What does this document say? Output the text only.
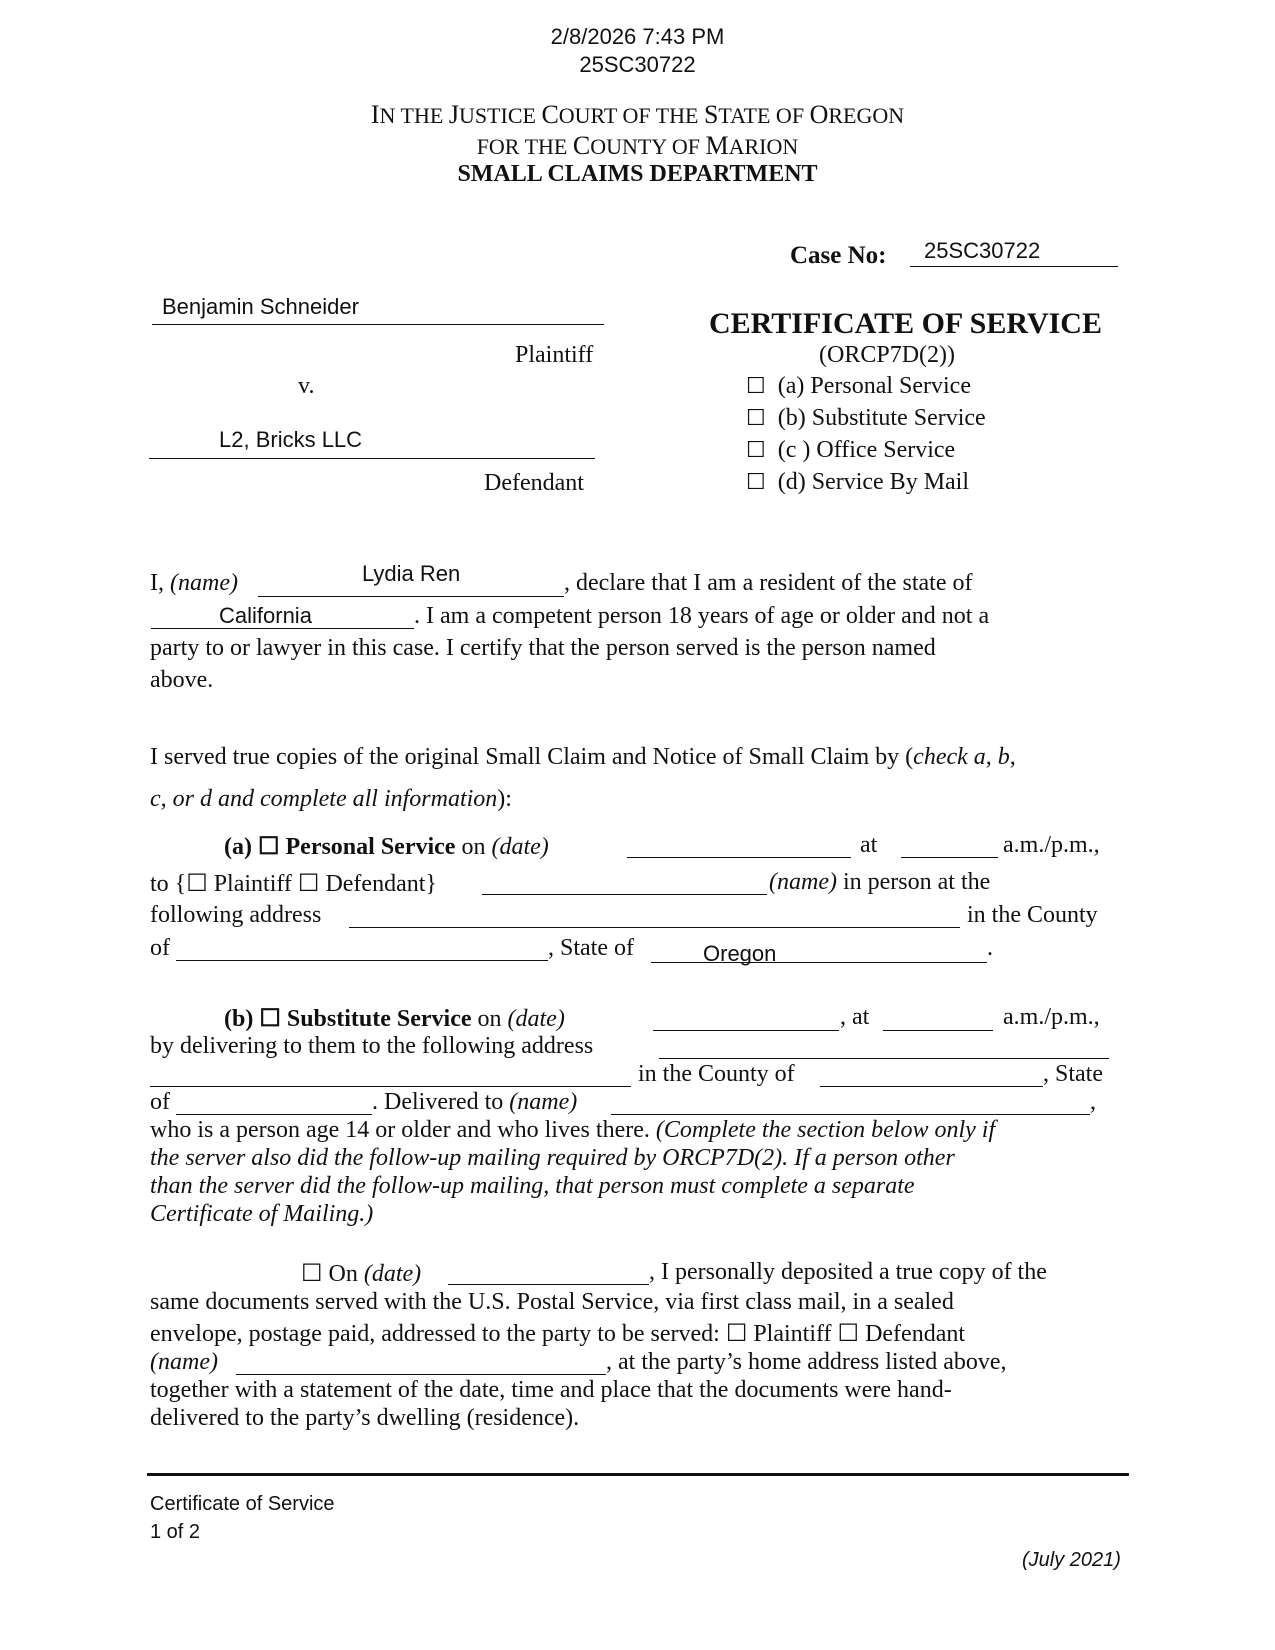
2/8/2026 7:43 PM
25SC30722
IN THE JUSTICE COURT OF THE STATE OF OREGON
FOR THE COUNTY OF MARION
SMALL CLAIMS DEPARTMENT
Case No: 25SC30722
Benjamin Schneider
Plaintiff
v.
L2, Bricks LLC
Defendant
CERTIFICATE OF SERVICE
(ORCP7D(2))
☐ (a) Personal Service
☐ (b) Substitute Service
☐ (c ) Office Service
☐ (d) Service By Mail
I, (name)	Lydia Ren	, declare that I am a resident of the state of
California	. I am a competent person 18 years of age or older and not a
party to or lawyer in this case. I certify that the person served is the person named
above.
I served true copies of the original Small Claim and Notice of Small Claim by (check a, b,
c, or d and complete all information):
(a) ☐ Personal Service on (date)	at	a.m./p.m.,
to {☐ Plaintiff ☐ Defendant}	(name) in person at the
following address	in the County
of	, State of	Oregon	.
(b) ☐ Substitute Service on (date)	, at	a.m./p.m.,
by delivering to them to the following address
in the County of	, State
of	. Delivered to (name)	,
who is a person age 14 or older and who lives there. (Complete the section below only if
the server also did the follow-up mailing required by ORCP7D(2). If a person other
than the server did the follow-up mailing, that person must complete a separate
Certificate of Mailing.)
☐ On (date)	, I personally deposited a true copy of the
same documents served with the U.S. Postal Service, via first class mail, in a sealed
envelope, postage paid, addressed to the party to be served: ☐ Plaintiff ☐ Defendant
(name)	, at the party’s home address listed above,
together with a statement of the date, time and place that the documents were hand-
delivered to the party’s dwelling (residence).
Certificate of Service
1 of 2
(July 2021)
